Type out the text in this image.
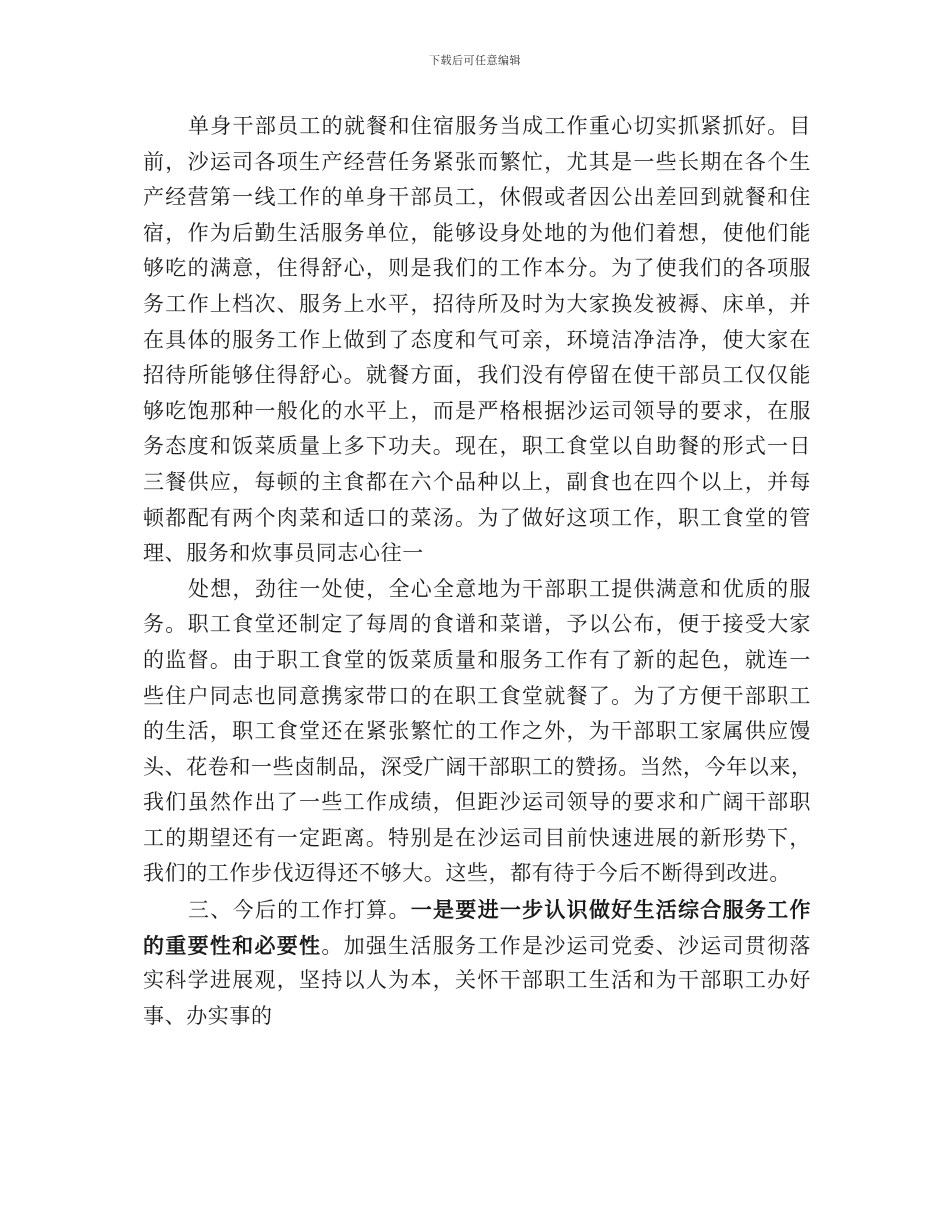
下载后可任意编辑
单身干部员工的就餐和住宿服务当成工作重心切实抓紧抓好。目
前，沙运司各项生产经营任务紧张而繁忙，尤其是一些长期在各个生
产经营第一线工作的单身干部员工，休假或者因公出差回到就餐和住
宿，作为后勤生活服务单位，能够设身处地的为他们着想，使他们能
够吃的满意，住得舒心，则是我们的工作本分。为了使我们的各项服
务工作上档次、服务上水平，招待所及时为大家换发被褥、床单，并
在具体的服务工作上做到了态度和气可亲，环境洁净洁净，使大家在
招待所能够住得舒心。就餐方面，我们没有停留在使干部员工仅仅能
够吃饱那种一般化的水平上，而是严格根据沙运司领导的要求，在服
务态度和饭菜质量上多下功夫。现在，职工食堂以自助餐的形式一日
三餐供应，每顿的主食都在六个品种以上，副食也在四个以上，并每
顿都配有两个肉菜和适口的菜汤。为了做好这项工作，职工食堂的管
理、服务和炊事员同志心往一
处想，劲往一处使，全心全意地为干部职工提供满意和优质的服
务。职工食堂还制定了每周的食谱和菜谱，予以公布，便于接受大家
的监督。由于职工食堂的饭菜质量和服务工作有了新的起色，就连一
些住户同志也同意携家带口的在职工食堂就餐了。为了方便干部职工
的生活，职工食堂还在紧张繁忙的工作之外，为干部职工家属供应馒
头、花卷和一些卤制品，深受广阔干部职工的赞扬。当然，今年以来，
我们虽然作出了一些工作成绩，但距沙运司领导的要求和广阔干部职
工的期望还有一定距离。特别是在沙运司目前快速进展的新形势下，
我们的工作步伐迈得还不够大。这些，都有待于今后不断得到改进。
三、今后的工作打算。一是要进一步认识做好生活综合服务工作
的重要性和必要性。加强生活服务工作是沙运司党委、沙运司贯彻落
实科学进展观，坚持以人为本，关怀干部职工生活和为干部职工办好
事、办实事的
